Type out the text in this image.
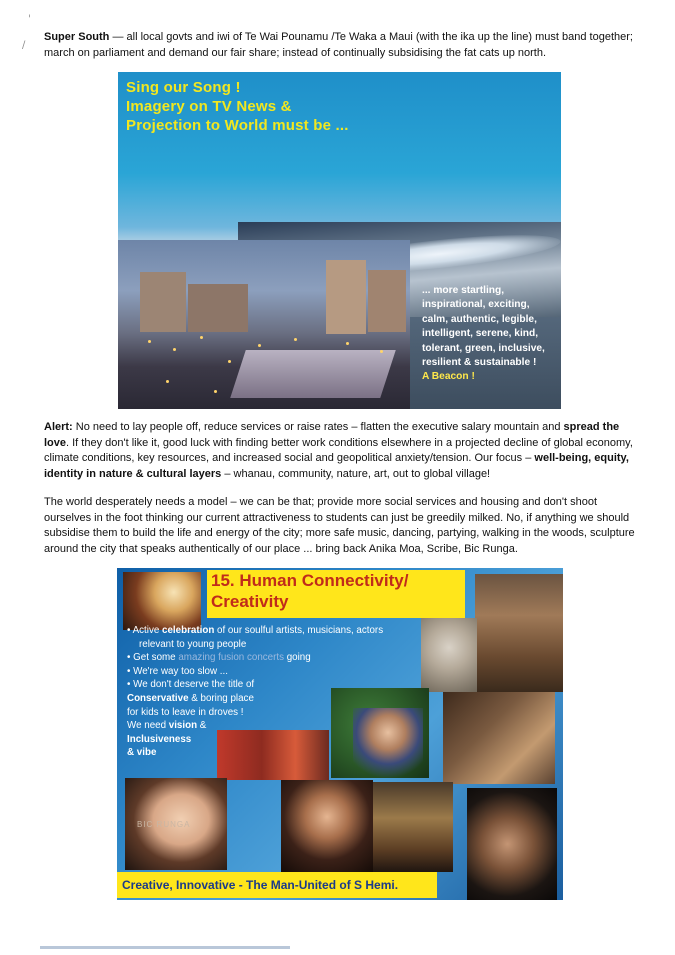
'
/

Super South — all local govts and iwi of Te Wai Pounamu /Te Waka a Maui (with the ika up the line) must band together; march on parliament and demand our fair share; instead of continually subsidising the fat cats up north.

Sing our Song !
Imagery on TV News &
Projection to World must be ...
... more startling,
inspirational, exciting,
calm, authentic, legible,
intelligent, serene, kind,
tolerant, green, inclusive,
resilient & sustainable !
A Beacon !

Alert: No need to lay people off, reduce services or raise rates – flatten the executive salary mountain and spread the love. If they don't like it, good luck with finding better work conditions elsewhere in a projected decline of global economy, climate conditions, key resources, and increased social and geopolitical anxiety/tension. Our focus – well-being, equity, identity in nature & cultural layers – whanau, community, nature, art, out to global village!

The world desperately needs a model – we can be that; provide more social services and housing and don't shoot ourselves in the foot thinking our current attractiveness to students can just be greedily milked. No, if anything we should subsidise them to build the life and energy of the city; more safe music, dancing, partying, walking in the woods, sculpture around the city that speaks authentically of our place ... bring back Anika Moa, Scribe, Bic Runga.

15. Human Connectivity/
Creativity
• Active celebration of our soulful artists, musicians, actors
relevant to young people
• Get some amazing fusion concerts going
• We're way too slow ...
• We don't deserve the title of
Conservative & boring place
for kids to leave in droves !
We need vision &
Inclusiveness
& vibe
BIC RUNGA
Creative, Innovative - The Man-United of S Hemi.
